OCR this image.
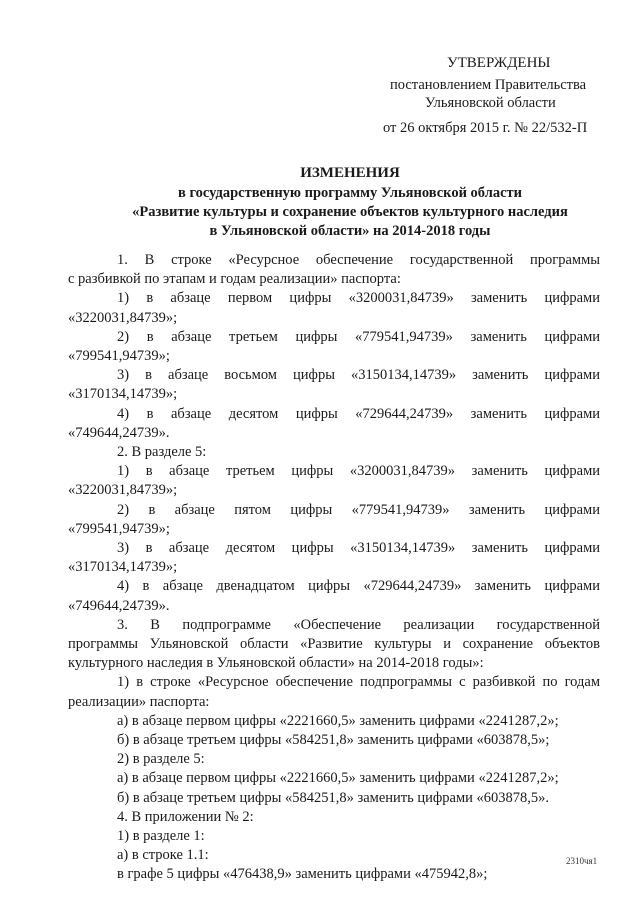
УТВЕРЖДЕНЫ
постановлением Правительства
Ульяновской области
от 26 октября 2015 г. № 22/532-П
ИЗМЕНЕНИЯ
в государственную программу Ульяновской области
«Развитие культуры и сохранение объектов культурного наследия
в Ульяновской области» на 2014-2018 годы
1. В строке «Ресурсное обеспечение государственной программы
с разбивкой по этапам и годам реализации» паспорта:
1) в абзаце первом цифры «3200031,84739» заменить цифрами
«3220031,84739»;
2) в абзаце третьем цифры «779541,94739» заменить цифрами
«799541,94739»;
3) в абзаце восьмом цифры «3150134,14739» заменить цифрами
«3170134,14739»;
4) в абзаце десятом цифры «729644,24739» заменить цифрами
«749644,24739».
2. В разделе 5:
1) в абзаце третьем цифры «3200031,84739» заменить цифрами
«3220031,84739»;
2) в абзаце пятом цифры «779541,94739» заменить цифрами
«799541,94739»;
3) в абзаце десятом цифры «3150134,14739» заменить цифрами
«3170134,14739»;
4) в абзаце двенадцатом цифры «729644,24739» заменить цифрами
«749644,24739».
3. В подпрограмме «Обеспечение реализации государственной
программы Ульяновской области «Развитие культуры и сохранение объектов
культурного наследия в Ульяновской области» на 2014-2018 годы»:
1) в строке «Ресурсное обеспечение подпрограммы с разбивкой по годам
реализации» паспорта:
а) в абзаце первом цифры «2221660,5» заменить цифрами «2241287,2»;
б) в абзаце третьем цифры «584251,8» заменить цифрами «603878,5»;
2) в разделе 5:
а) в абзаце первом цифры «2221660,5» заменить цифрами «2241287,2»;
б) в абзаце третьем цифры «584251,8» заменить цифрами «603878,5».
4. В приложении № 2:
1) в разделе 1:
а) в строке 1.1:
в графе 5 цифры «476438,9» заменить цифрами «475942,8»;
2310чя1
